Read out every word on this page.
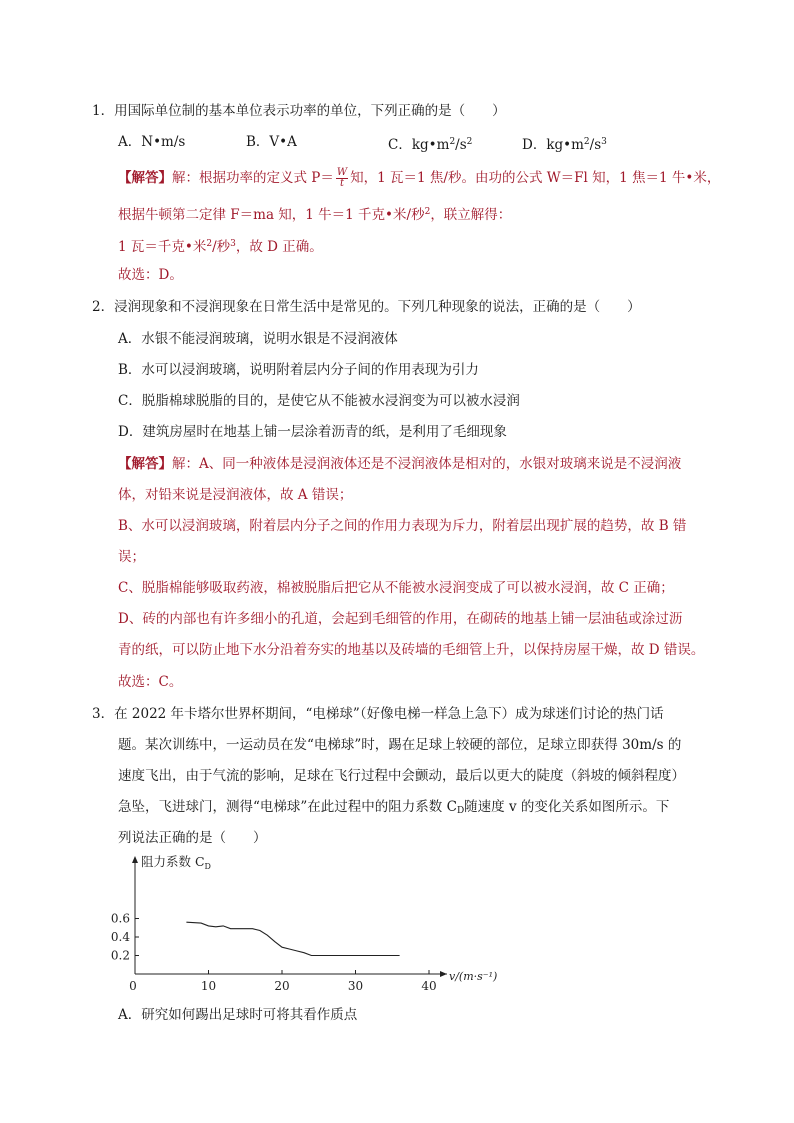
1．用国际单位制的基本单位表示功率的单位，下列正确的是（　　）
A．N•m/s	B．V•A	C．$kg•m^2/s^2$	D．$kg•m^2/s^3$
【解答】解：根据功率的定义式 $P= \frac{W}{t}$ 知，1 瓦＝1 焦/秒。由功的公式 W＝Fl 知，1 焦＝1 牛•米，
根据牛顿第二定律 F＝ma 知，1 牛＝1 千克•米/秒$^2$，联立解得：
1 瓦＝千克•米$^2$/秒$^3$，故 D 正确。
故选：D。
2．浸润现象和不浸润现象在日常生活中是常见的。下列几种现象的说法，正确的是（　　）
A．水银不能浸润玻璃，说明水银是不浸润液体
B．水可以浸润玻璃，说明附着层内分子间的作用表现为引力
C．脱脂棉球脱脂的目的，是使它从不能被水浸润变为可以被水浸润
D．建筑房屋时在地基上铺一层涂着沥青的纸，是利用了毛细现象
【解答】解：A、同一种液体是浸润液体还是不浸润液体是相对的，水银对玻璃来说是不浸润液
体，对铅来说是浸润液体，故 A 错误；
B、水可以浸润玻璃，附着层内分子之间的作用力表现为斥力，附着层出现扩展的趋势，故 B 错
误；
C、脱脂棉能够吸取药液，棉被脱脂后把它从不能被水浸润变成了可以被水浸润，故 C 正确；
D、砖的内部也有许多细小的孔道，会起到毛细管的作用，在砌砖的地基上铺一层油毡或涂过沥
青的纸，可以防止地下水分沿着夯实的地基以及砖墙的毛细管上升，以保持房屋干燥，故 D 错误。
故选：C。
3．在 2022 年卡塔尔世界杯期间，“电梯球”（好像电梯一样急上急下）成为球迷们讨论的热门话
题。某次训练中，一运动员在发“电梯球”时，踢在足球上较硬的部位，足球立即获得 30m/s 的
速度飞出，由于气流的影响，足球在飞行过程中会颤动，最后以更大的陡度（斜坡的倾斜程度）
急坠，飞进球门，测得“电梯球”在此过程中的阻力系数 $C_D$随速度 v 的变化关系如图所示。下
列说法正确的是（　　）
0.2
0.4
0.6
0	10	20	30	40
阻力系数 $C_D$
v/(m·s⁻¹)
A．研究如何踢出足球时可将其看作质点
